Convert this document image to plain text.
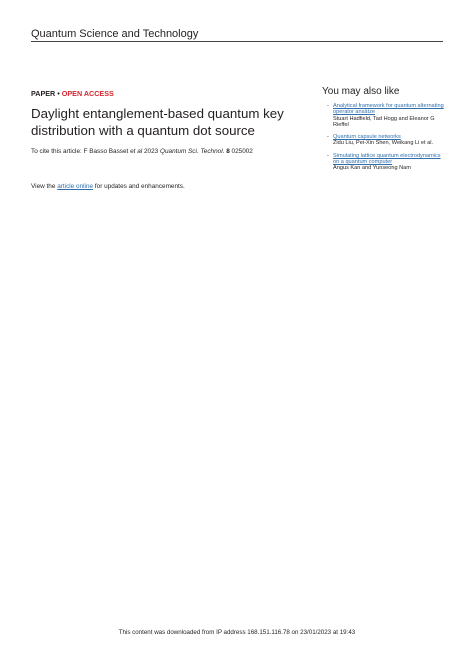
Quantum Science and Technology
PAPER • OPEN ACCESS
Daylight entanglement-based quantum key distribution with a quantum dot source
To cite this article: F Basso Basset et al 2023 Quantum Sci. Technol. 8 025002
View the article online for updates and enhancements.
You may also like
- Analytical framework for quantum alternating operator ansätze
Stuart Hadfield, Tad Hogg and Eleanor G Rieffel
- Quantum capsule networks
Zidu Liu, Pei-Xin Shen, Weikang Li et al.
- Simulating lattice quantum electrodynamics on a quantum computer
Angus Kan and Yunseong Nam
This content was downloaded from IP address 168.151.116.78 on 23/01/2023 at 19:43
